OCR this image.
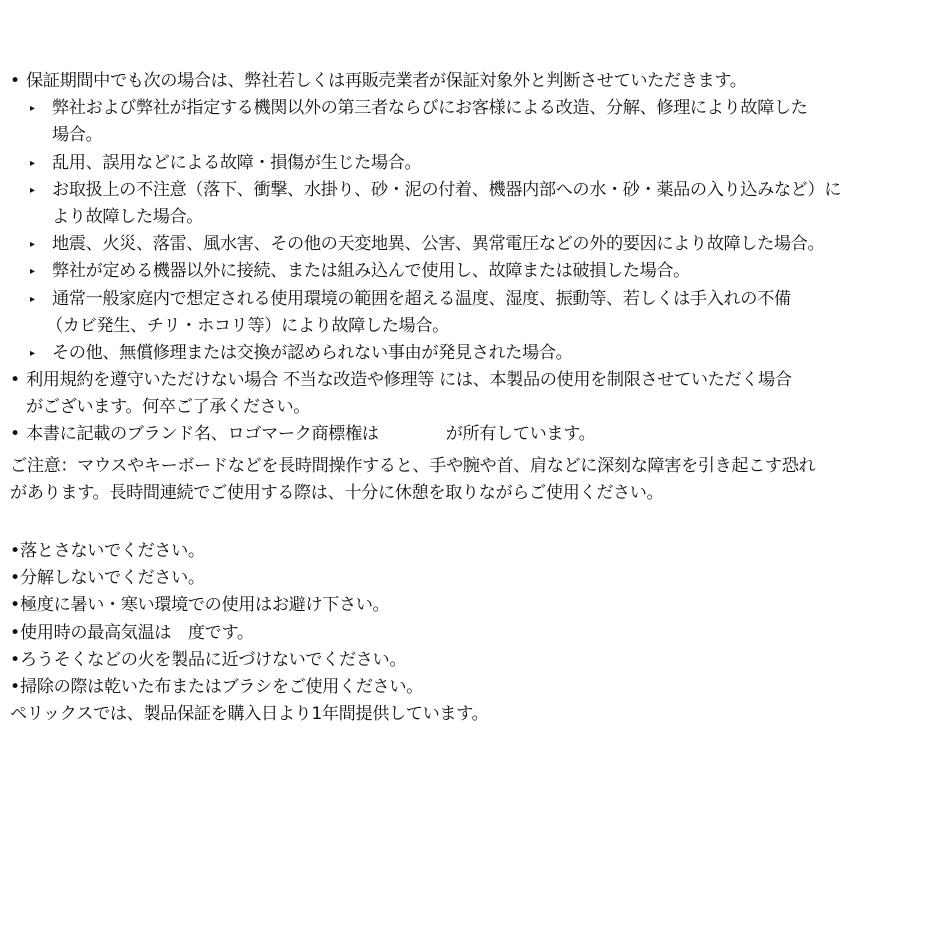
• 保証期間中でも次の場合は、弊社若しくは再販売業者が保証対象外と判断させていただきます。
▸ 弊社および弊社が指定する機関以外の第三者ならびにお客様による改造、分解、修理により故障した
場合。
▸ 乱用、誤用などによる故障・損傷が生じた場合。
▸ お取扱上の不注意（落下、衝撃、水掛り、砂・泥の付着、機器内部への水・砂・薬品の入り込みなど）に
より故障した場合。
▸ 地震、火災、落雷、風水害、その他の天変地異、公害、異常電圧などの外的要因により故障した場合。
▸ 弊社が定める機器以外に接続、または組み込んで使用し、故障または破損した場合。
▸ 通常一般家庭内で想定される使用環境の範囲を超える温度、湿度、振動等、若しくは手入れの不備
（カビ発生、チリ・ホコリ等）により故障した場合。
▸ その他、無償修理または交換が認められない事由が発見された場合。
• 利用規約を遵守いただけない場合 不当な改造や修理等 には、本製品の使用を制限させていただく場合
がございます。何卒ご了承ください。
• 本書に記載のブランド名、ロゴマーク商標権は　　　　が所有しています。
ご注意：マウスやキーボードなどを長時間操作すると、手や腕や首、肩などに深刻な障害を引き起こす恐れ
があります。長時間連続でご使用する際は、十分に休憩を取りながらご使用ください。
•落とさないでください。
•分解しないでください。
•極度に暑い・寒い環境での使用はお避け下さい。
•使用時の最高気温は　度です。
•ろうそくなどの火を製品に近づけないでください。
•掃除の際は乾いた布またはブラシをご使用ください。
ペリックスでは、製品保証を購入日より1年間提供しています。
